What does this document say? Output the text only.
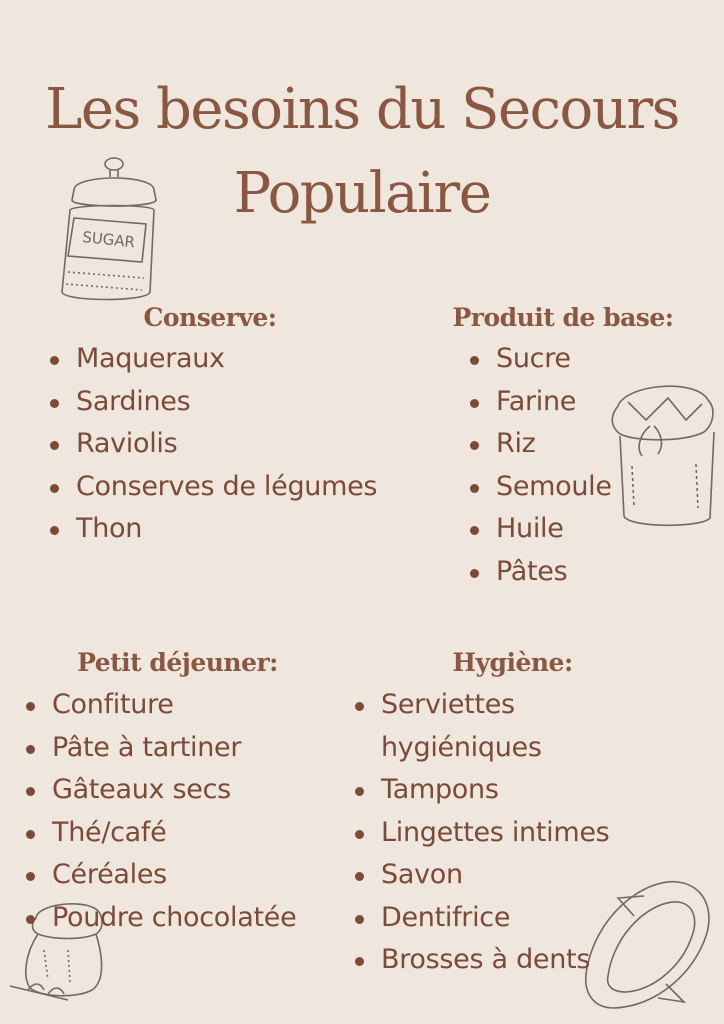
Les besoins du Secours
Populaire
SUGAR
Conserve:
Maqueraux
Sardines
Raviolis
Conserves de légumes
Thon
Produit de base:
Sucre
Farine
Riz
Semoule
Huile
Pâtes
Petit déjeuner:
Confiture
Pâte à tartiner
Gâteaux secs
Thé/café
Céréales
Poudre chocolatée
Hygiène:
Serviettes hygiéniques
Tampons
Lingettes intimes
Savon
Dentifrice
Brosses à dents
